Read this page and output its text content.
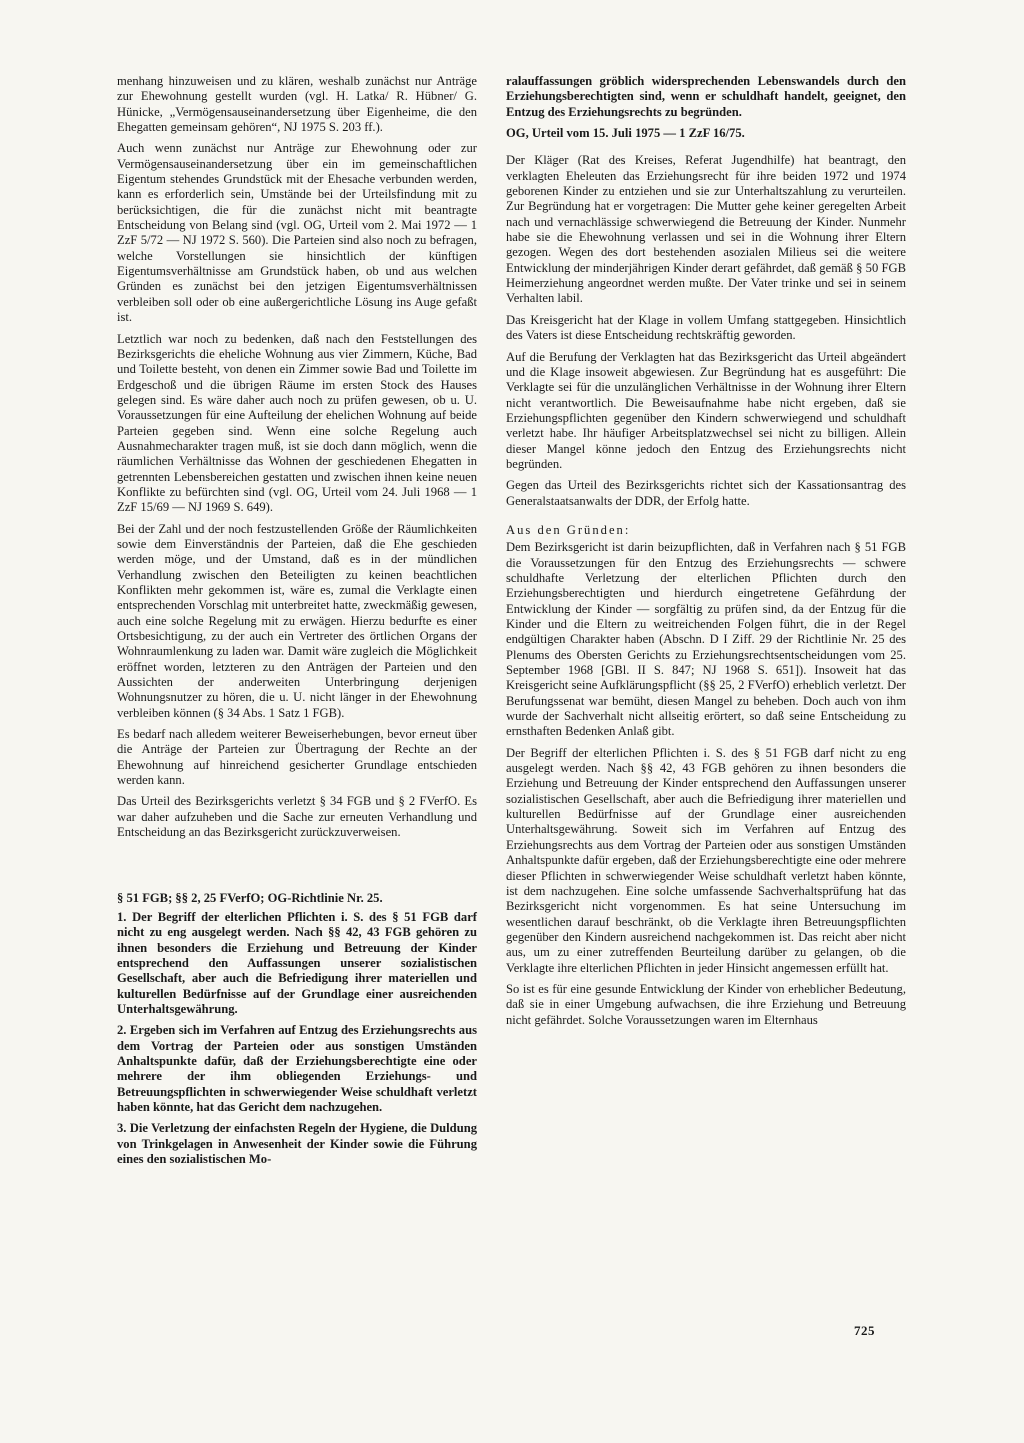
menhang hinzuweisen und zu klären, weshalb zunächst nur Anträge zur Ehewohnung gestellt wurden (vgl. H. Latka/ R. Hübner/ G. Hünicke, „Vermögensauseinandersetzung über Eigenheime, die den Ehegatten gemeinsam gehören“, NJ 1975 S. 203 ff.).

Auch wenn zunächst nur Anträge zur Ehewohnung oder zur Vermögensauseinandersetzung über ein im gemeinschaftlichen Eigentum stehendes Grundstück mit der Ehesache verbunden werden, kann es erforderlich sein, Umstände bei der Urteilsfindung mit zu berücksichtigen, die für die zunächst nicht mit beantragte Entscheidung von Belang sind (vgl. OG, Urteil vom 2. Mai 1972 — 1 ZzF 5/72 — NJ 1972 S. 560). Die Parteien sind also noch zu befragen, welche Vorstellungen sie hinsichtlich der künftigen Eigentumsverhältnisse am Grundstück haben, ob und aus welchen Gründen es zunächst bei den jetzigen Eigentumsverhältnissen verbleiben soll oder ob eine außergerichtliche Lösung ins Auge gefaßt ist.

Letztlich war noch zu bedenken, daß nach den Feststellungen des Bezirksgerichts die eheliche Wohnung aus vier Zimmern, Küche, Bad und Toilette besteht, von denen ein Zimmer sowie Bad und Toilette im Erdgeschoß und die übrigen Räume im ersten Stock des Hauses gelegen sind. Es wäre daher auch noch zu prüfen gewesen, ob u. U. Voraussetzungen für eine Aufteilung der ehelichen Wohnung auf beide Parteien gegeben sind. Wenn eine solche Regelung auch Ausnahmecharakter tragen muß, ist sie doch dann möglich, wenn die räumlichen Verhältnisse das Wohnen der geschiedenen Ehegatten in getrennten Lebensbereichen gestatten und zwischen ihnen keine neuen Konflikte zu befürchten sind (vgl. OG, Urteil vom 24. Juli 1968 — 1 ZzF 15/69 — NJ 1969 S. 649).

Bei der Zahl und der noch festzustellenden Größe der Räumlichkeiten sowie dem Einverständnis der Parteien, daß die Ehe geschieden werden möge, und der Umstand, daß es in der mündlichen Verhandlung zwischen den Beteiligten zu keinen beachtlichen Konflikten mehr gekommen ist, wäre es, zumal die Verklagte einen entsprechenden Vorschlag mit unterbreitet hatte, zweckmäßig gewesen, auch eine solche Regelung mit zu erwägen. Hierzu bedurfte es einer Ortsbesichtigung, zu der auch ein Vertreter des örtlichen Organs der Wohnraumlenkung zu laden war. Damit wäre zugleich die Möglichkeit eröffnet worden, letzteren zu den Anträgen der Parteien und den Aussichten der anderweiten Unterbringung derjenigen Wohnungsnutzer zu hören, die u. U. nicht länger in der Ehewohnung verbleiben können (§ 34 Abs. 1 Satz 1 FGB).

Es bedarf nach alledem weiterer Beweiserhebungen, bevor erneut über die Anträge der Parteien zur Übertragung der Rechte an der Ehewohnung auf hinreichend gesicherter Grundlage entschieden werden kann.

Das Urteil des Bezirksgerichts verletzt § 34 FGB und § 2 FVerfO. Es war daher aufzuheben und die Sache zur erneuten Verhandlung und Entscheidung an das Bezirksgericht zurückzuverweisen.

§ 51 FGB; §§ 2, 25 FVerfO; OG-Richtlinie Nr. 25.

1. Der Begriff der elterlichen Pflichten i. S. des § 51 FGB darf nicht zu eng ausgelegt werden. Nach §§ 42, 43 FGB gehören zu ihnen besonders die Erziehung und Betreuung der Kinder entsprechend den Auffassungen unserer sozialistischen Gesellschaft, aber auch die Befriedigung ihrer materiellen und kulturellen Bedürfnisse auf der Grundlage einer ausreichenden Unterhaltsgewährung.

2. Ergeben sich im Verfahren auf Entzug des Erziehungsrechts aus dem Vortrag der Parteien oder aus sonstigen Umständen Anhaltspunkte dafür, daß der Erziehungsberechtigte eine oder mehrere der ihm obliegenden Erziehungs- und Betreuungspflichten in schwerwiegender Weise schuldhaft verletzt haben könnte, hat das Gericht dem nachzugehen.

3. Die Verletzung der einfachsten Regeln der Hygiene, die Duldung von Trinkgelagen in Anwesenheit der Kinder sowie die Führung eines den sozialistischen Mo-

ralauffassungen gröblich widersprechenden Lebenswandels durch den Erziehungsberechtigten sind, wenn er schuldhaft handelt, geeignet, den Entzug des Erziehungsrechts zu begründen.

OG, Urteil vom 15. Juli 1975 — 1 ZzF 16/75.

Der Kläger (Rat des Kreises, Referat Jugendhilfe) hat beantragt, den verklagten Eheleuten das Erziehungsrecht für ihre beiden 1972 und 1974 geborenen Kinder zu entziehen und sie zur Unterhaltszahlung zu verurteilen. Zur Begründung hat er vorgetragen: Die Mutter gehe keiner geregelten Arbeit nach und vernachlässige schwerwiegend die Betreuung der Kinder. Nunmehr habe sie die Ehewohnung verlassen und sei in die Wohnung ihrer Eltern gezogen. Wegen des dort bestehenden asozialen Milieus sei die weitere Entwicklung der minderjährigen Kinder derart gefährdet, daß gemäß § 50 FGB Heimerziehung angeordnet werden mußte. Der Vater trinke und sei in seinem Verhalten labil.

Das Kreisgericht hat der Klage in vollem Umfang stattgegeben. Hinsichtlich des Vaters ist diese Entscheidung rechtskräftig geworden.

Auf die Berufung der Verklagten hat das Bezirksgericht das Urteil abgeändert und die Klage insoweit abgewiesen. Zur Begründung hat es ausgeführt: Die Verklagte sei für die unzulänglichen Verhältnisse in der Wohnung ihrer Eltern nicht verantwortlich. Die Beweisaufnahme habe nicht ergeben, daß sie Erziehungspflichten gegenüber den Kindern schwerwiegend und schuldhaft verletzt habe. Ihr häufiger Arbeitsplatzwechsel sei nicht zu billigen. Allein dieser Mangel könne jedoch den Entzug des Erziehungsrechts nicht begründen.

Gegen das Urteil des Bezirksgerichts richtet sich der Kassationsantrag des Generalstaatsanwalts der DDR, der Erfolg hatte.

Aus den Gründen:

Dem Bezirksgericht ist darin beizupflichten, daß in Verfahren nach § 51 FGB die Voraussetzungen für den Entzug des Erziehungsrechts — schwere schuldhafte Verletzung der elterlichen Pflichten durch den Erziehungsberechtigten und hierdurch eingetretene Gefährdung der Entwicklung der Kinder — sorgfältig zu prüfen sind, da der Entzug für die Kinder und die Eltern zu weitreichenden Folgen führt, die in der Regel endgültigen Charakter haben (Abschn. D I Ziff. 29 der Richtlinie Nr. 25 des Plenums des Obersten Gerichts zu Erziehungsrechtsentscheidungen vom 25. September 1968 [GBl. II S. 847; NJ 1968 S. 651]). Insoweit hat das Kreisgericht seine Aufklärungspflicht (§§ 25, 2 FVerfO) erheblich verletzt. Der Berufungssenat war bemüht, diesen Mangel zu beheben. Doch auch von ihm wurde der Sachverhalt nicht allseitig erörtert, so daß seine Entscheidung zu ernsthaften Bedenken Anlaß gibt.

Der Begriff der elterlichen Pflichten i. S. des § 51 FGB darf nicht zu eng ausgelegt werden. Nach §§ 42, 43 FGB gehören zu ihnen besonders die Erziehung und Betreuung der Kinder entsprechend den Auffassungen unserer sozialistischen Gesellschaft, aber auch die Befriedigung ihrer materiellen und kulturellen Bedürfnisse auf der Grundlage einer ausreichenden Unterhaltsgewährung. Soweit sich im Verfahren auf Entzug des Erziehungsrechts aus dem Vortrag der Parteien oder aus sonstigen Umständen Anhaltspunkte dafür ergeben, daß der Erziehungsberechtigte eine oder mehrere dieser Pflichten in schwerwiegender Weise schuldhaft verletzt haben könnte, ist dem nachzugehen. Eine solche umfassende Sachverhaltsprüfung hat das Bezirksgericht nicht vorgenommen. Es hat seine Untersuchung im wesentlichen darauf beschränkt, ob die Verklagte ihren Betreuungspflichten gegenüber den Kindern ausreichend nachgekommen ist. Das reicht aber nicht aus, um zu einer zutreffenden Beurteilung darüber zu gelangen, ob die Verklagte ihre elterlichen Pflichten in jeder Hinsicht angemessen erfüllt hat.

So ist es für eine gesunde Entwicklung der Kinder von erheblicher Bedeutung, daß sie in einer Umgebung aufwachsen, die ihre Erziehung und Betreuung nicht gefährdet. Solche Voraussetzungen waren im Elternhaus

725
